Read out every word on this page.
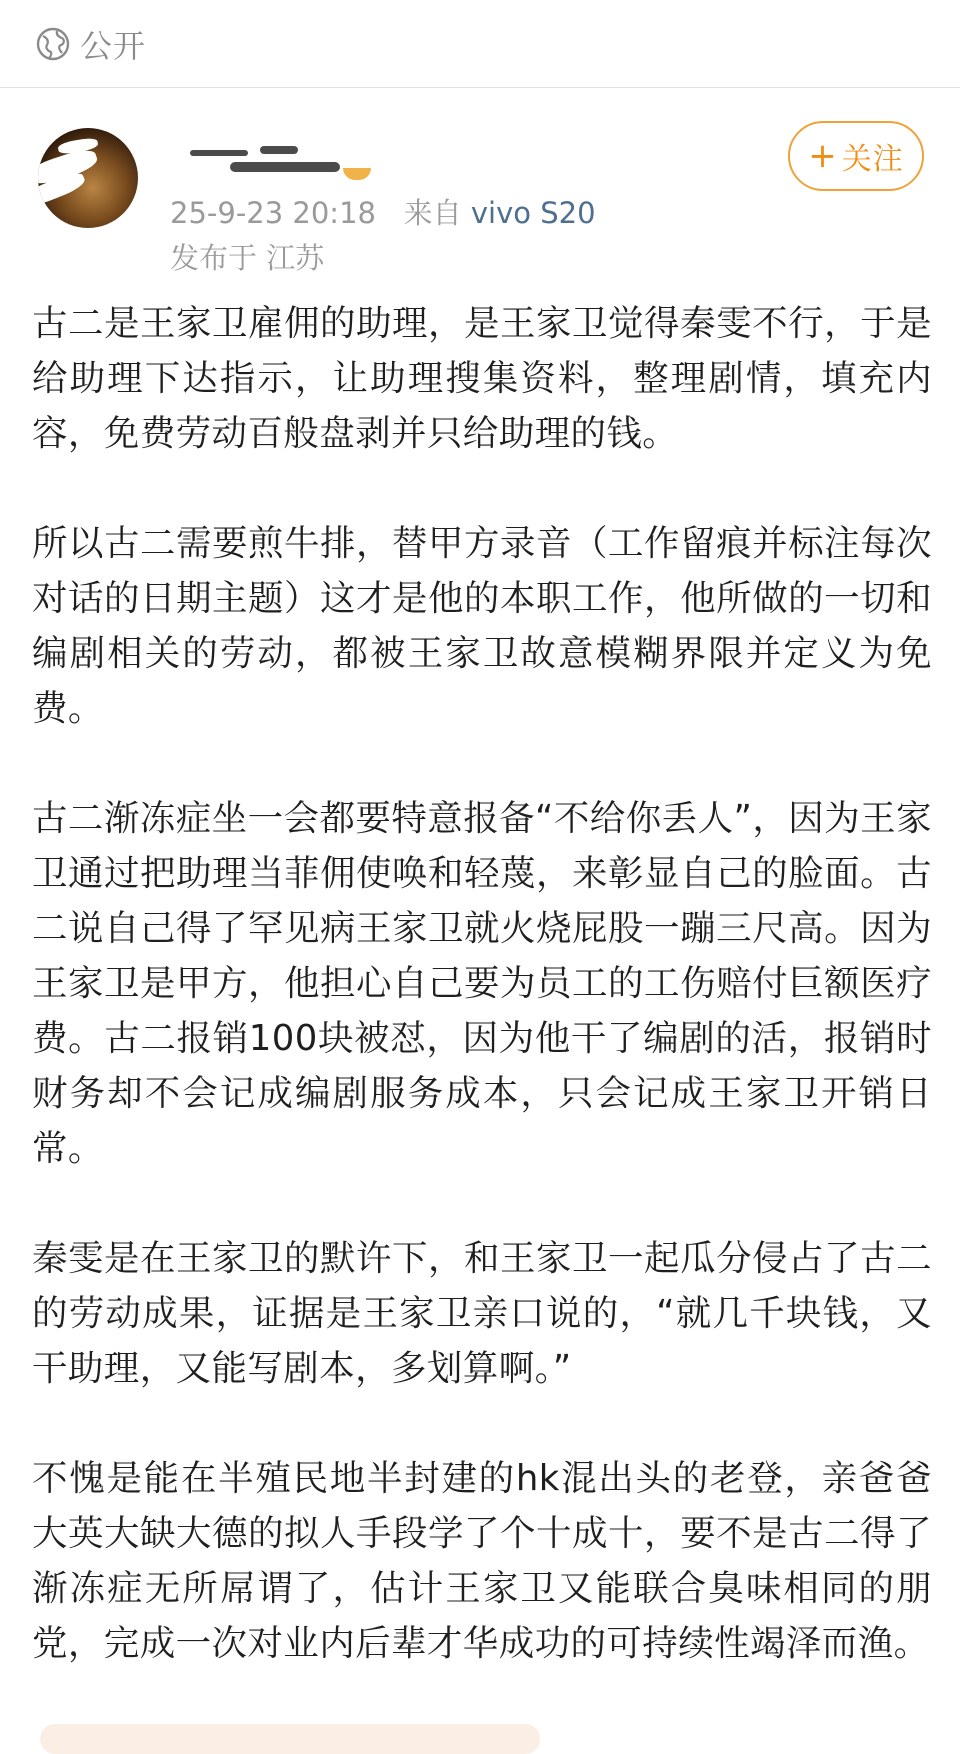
公开
25-9-23 20:18 来自 vivo S20
发布于 江苏
+ 关注

古二是王家卫雇佣的助理，是王家卫觉得秦雯不行，于是给助理下达指示，让助理搜集资料，整理剧情，填充内容，免费劳动百般盘剥并只给助理的钱。

所以古二需要煎牛排，替甲方录音（工作留痕并标注每次对话的日期主题）这才是他的本职工作，他所做的一切和编剧相关的劳动，都被王家卫故意模糊界限并定义为免费。

古二渐冻症坐一会都要特意报备“不给你丢人”，因为王家卫通过把助理当菲佣使唤和轻蔑，来彰显自己的脸面。古二说自己得了罕见病王家卫就火烧屁股一蹦三尺高。因为王家卫是甲方，他担心自己要为员工的工伤赔付巨额医疗费。古二报销100块被怼，因为他干了编剧的活，报销时财务却不会记成编剧服务成本，只会记成王家卫开销日常。

秦雯是在王家卫的默许下，和王家卫一起瓜分侵占了古二的劳动成果，证据是王家卫亲口说的，“就几千块钱，又干助理，又能写剧本，多划算啊。”

不愧是能在半殖民地半封建的hk混出头的老登，亲爸爸大英大缺大德的拟人手段学了个十成十，要不是古二得了渐冻症无所屌谓了，估计王家卫又能联合臭味相同的朋党，完成一次对业内后辈才华成功的可持续性竭泽而渔。
